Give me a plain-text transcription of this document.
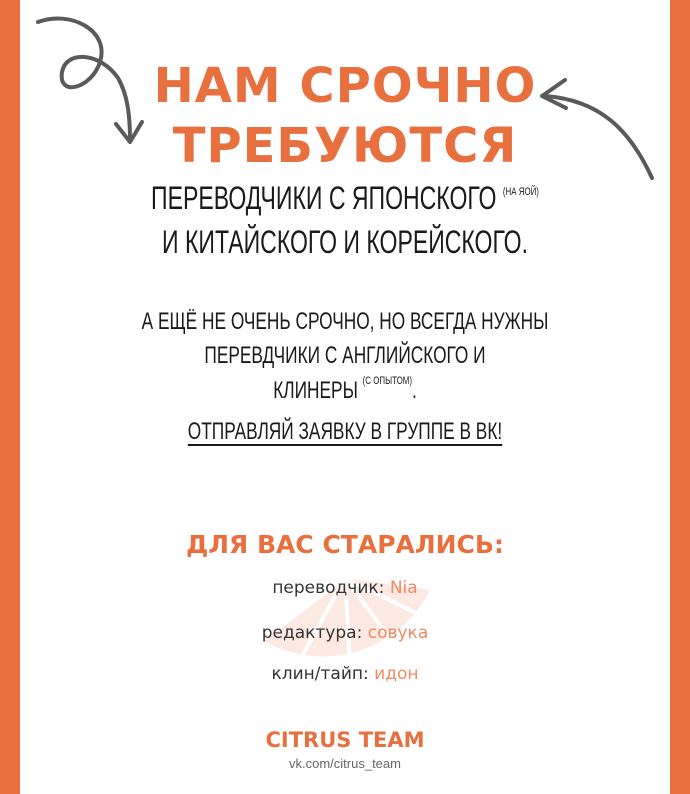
НАМ СРОЧНО
ТРЕБУЮТСЯ
ПЕРЕВОДЧИКИ С ЯПОНСКОГО $^{(НА ЯОЙ)}$
И КИТАЙСКОГО И КОРЕЙСКОГО.
А ЕЩЁ НЕ ОЧЕНЬ СРОЧНО, НО ВСЕГДА НУЖНЫ
ПЕРЕВДЧИКИ С АНГЛИЙСКОГО И
КЛИНЕРЫ $^{(С ОПЫТОМ)}$.
ОТПРАВЛЯЙ ЗАЯВКУ В ГРУППЕ В ВК!
ДЛЯ ВАС СТАРАЛИСЬ:
переводчик: Nia
редактура: совука
клин/тайп: идон
CITRUS TEAM
vk.com/citrus_team
